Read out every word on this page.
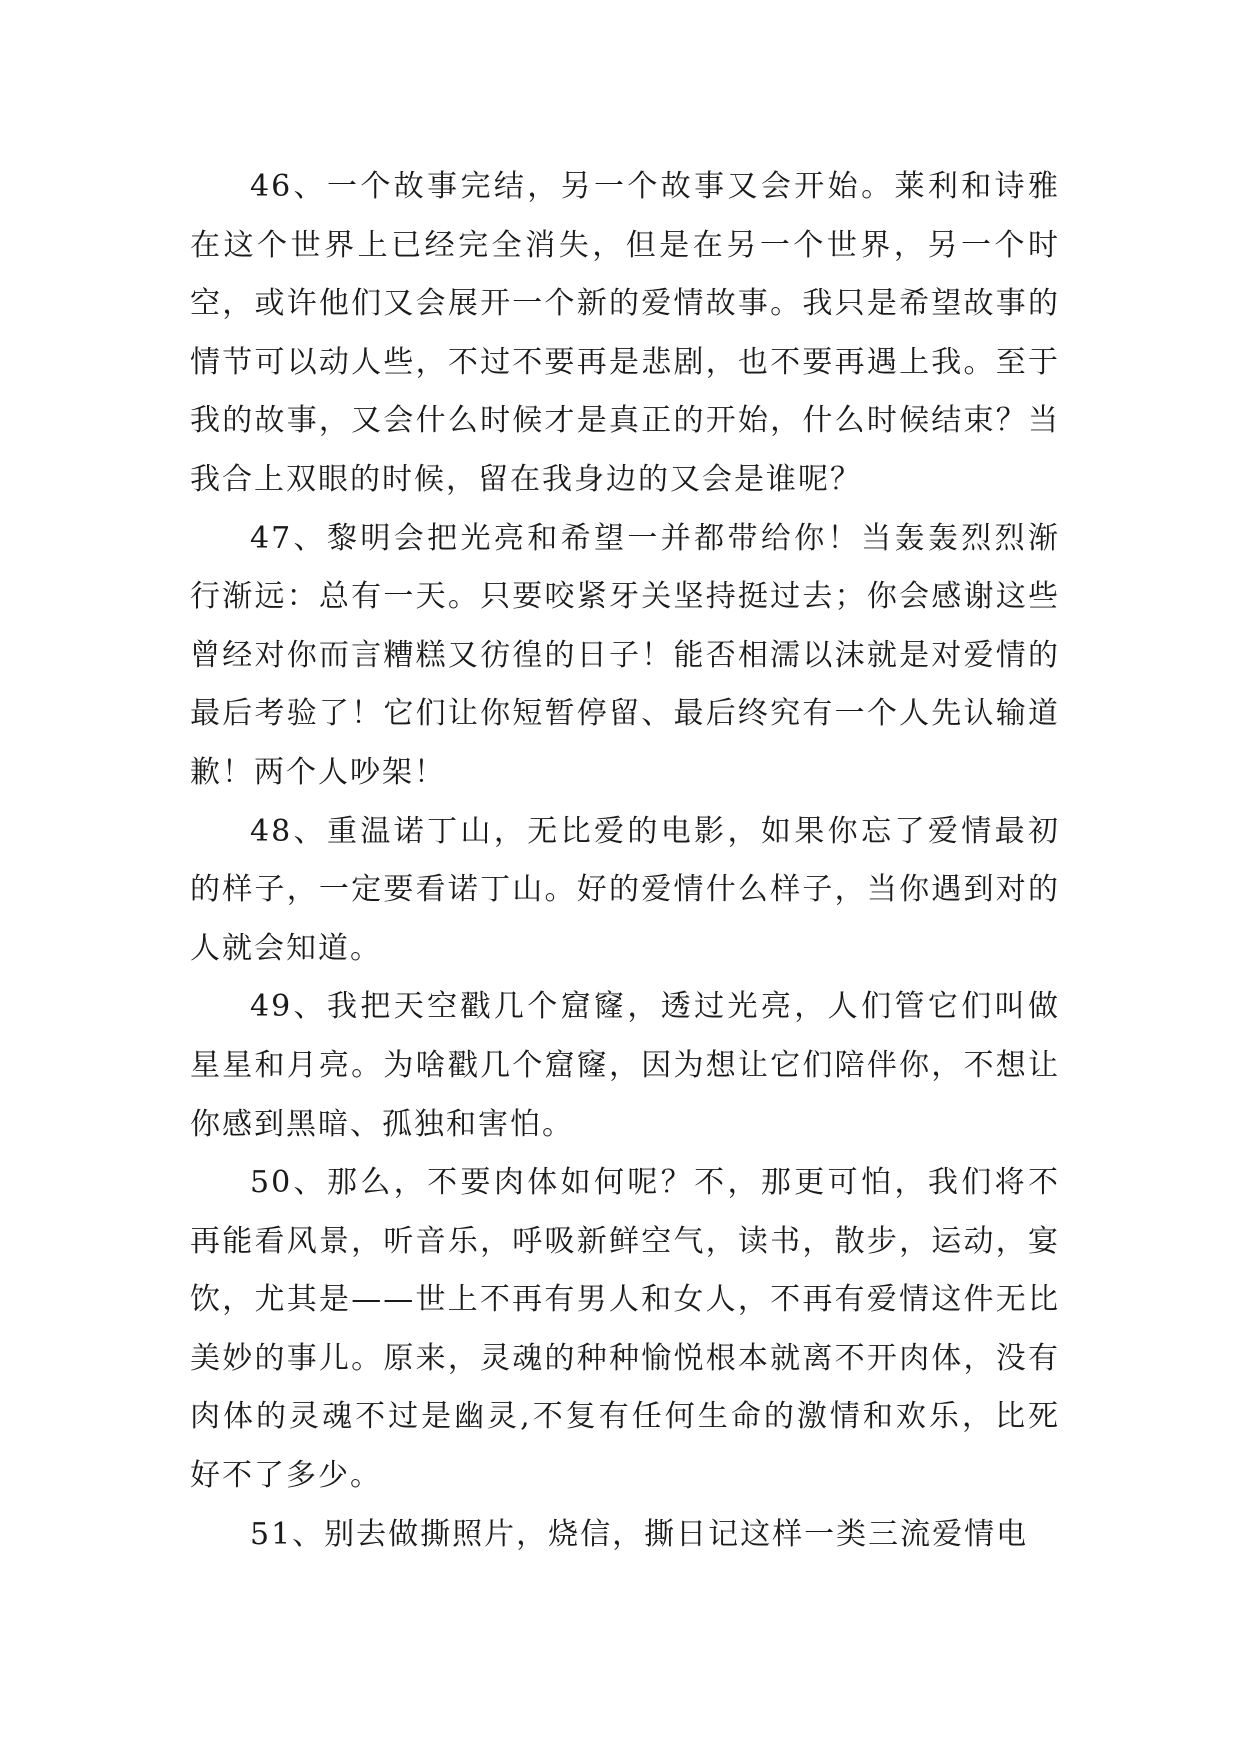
46、一个故事完结，另一个故事又会开始。莱利和诗雅在这个世界上已经完全消失，但是在另一个世界，另一个时空，或许他们又会展开一个新的爱情故事。我只是希望故事的情节可以动人些，不过不要再是悲剧，也不要再遇上我。至于我的故事，又会什么时候才是真正的开始，什么时候结束？当我合上双眼的时候，留在我身边的又会是谁呢？

47、黎明会把光亮和希望一并都带给你！当轰轰烈烈渐行渐远：总有一天。只要咬紧牙关坚持挺过去；你会感谢这些曾经对你而言糟糕又彷徨的日子！能否相濡以沫就是对爱情的最后考验了！它们让你短暂停留、最后终究有一个人先认输道歉！两个人吵架！

48、重温诺丁山，无比爱的电影，如果你忘了爱情最初的样子，一定要看诺丁山。好的爱情什么样子，当你遇到对的人就会知道。

49、我把天空戳几个窟窿，透过光亮，人们管它们叫做星星和月亮。为啥戳几个窟窿，因为想让它们陪伴你，不想让你感到黑暗、孤独和害怕。

50、那么，不要肉体如何呢？不，那更可怕，我们将不再能看风景，听音乐，呼吸新鲜空气，读书，散步，运动，宴饮，尤其是——世上不再有男人和女人，不再有爱情这件无比美妙的事儿。原来，灵魂的种种愉悦根本就离不开肉体，没有肉体的灵魂不过是幽灵,不复有任何生命的激情和欢乐，比死好不了多少。

51、别去做撕照片，烧信，撕日记这样一类三流爱情电
